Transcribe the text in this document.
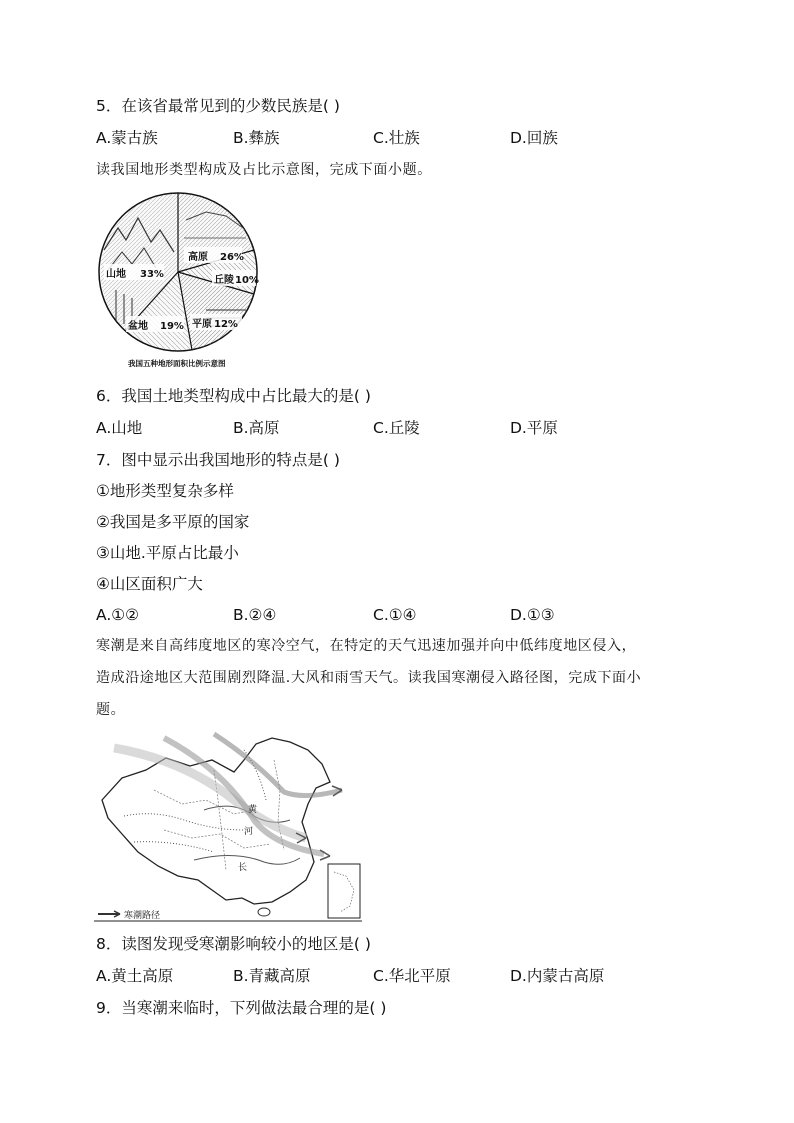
5．在该省最常见到的少数民族是( )
A.蒙古族	B.彝族	C.壮族	D.回族
读我国地形类型构成及占比示意图，完成下面小题。
高原 26%
山地 33%
丘陵 10%
盆地 19% 平原 12%
我国五种地形面积比例示意图
6．我国土地类型构成中占比最大的是( )
A.山地	B.高原	C.丘陵	D.平原
7．图中显示出我国地形的特点是( )
①地形类型复杂多样
②我国是多平原的国家
③山地.平原占比最小
④山区面积广大
A.①②	B.②④	C.①④	D.①③
寒潮是来自高纬度地区的寒冷空气，在特定的天气迅速加强并向中低纬度地区侵入，
造成沿途地区大范围剧烈降温.大风和雨雪天气。读我国寒潮侵入路径图，完成下面小
题。
黄
河
长
寒潮路径
8．读图发现受寒潮影响较小的地区是( )
A.黄土高原	B.青藏高原	C.华北平原	D.内蒙古高原
9．当寒潮来临时，下列做法最合理的是( )
